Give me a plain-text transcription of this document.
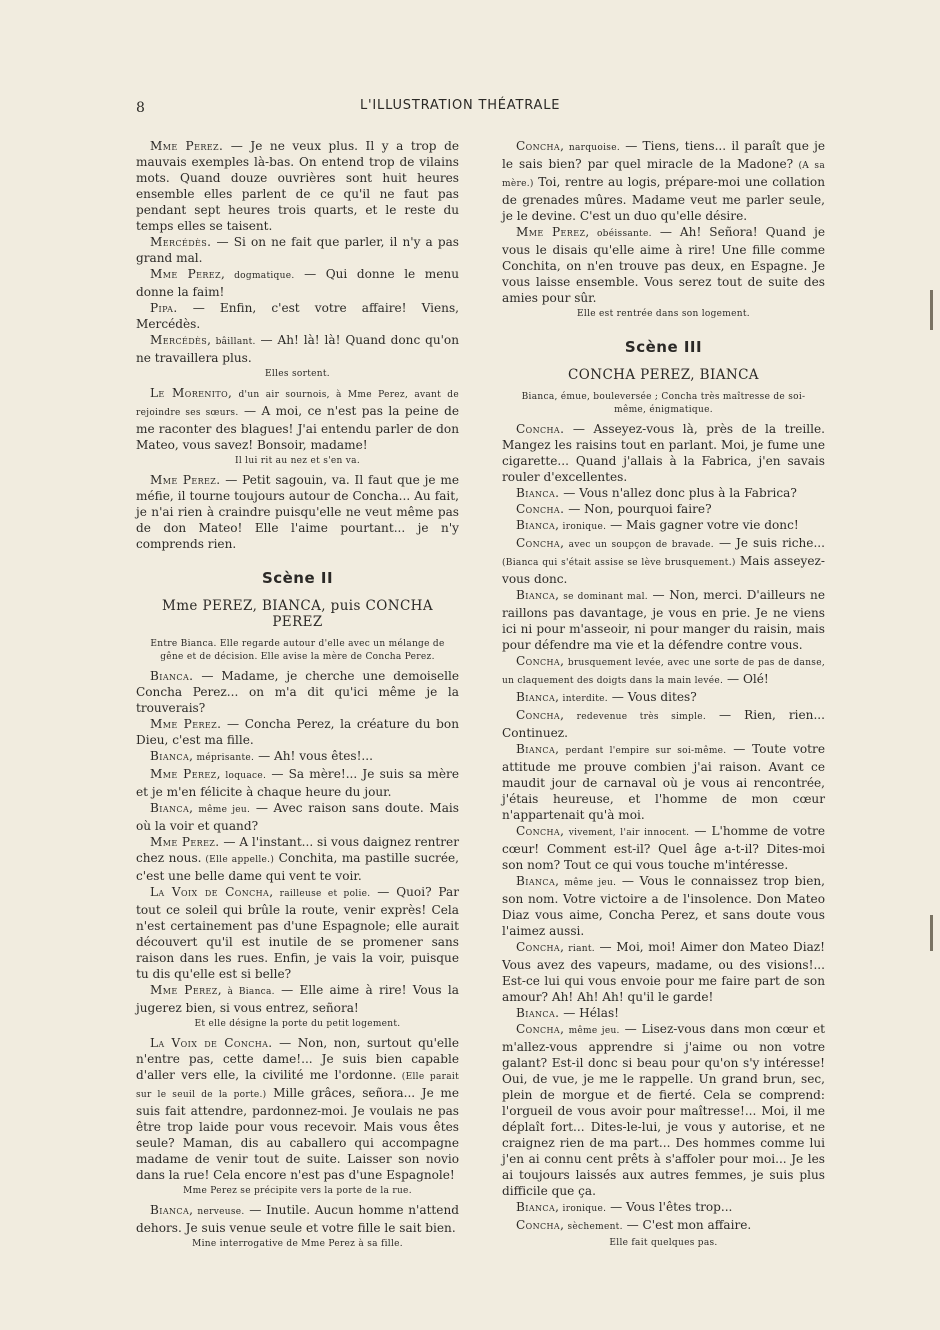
8	L'ILLUSTRATION THÉATRALE

Mme Perez. — Je ne veux plus. Il y a trop de mauvais exemples là-bas. On entend trop de vilains mots. Quand douze ouvrières sont huit heures ensemble elles parlent de ce qu'il ne faut pas pendant sept heures trois quarts, et le reste du temps elles se taisent.

Mercédès. — Si on ne fait que parler, il n'y a pas grand mal.

Mme Perez, dogmatique. — Qui donne le menu donne la faim!

Pipa. — Enfin, c'est votre affaire! Viens, Mercédès.

Mercédès, bâillant. — Ah! là! là! Quand donc qu'on ne travaillera plus.

Elles sortent.

Le Morenito, d'un air sournois, à Mme Perez, avant de rejoindre ses sœurs. — A moi, ce n'est pas la peine de me raconter des blagues! J'ai entendu parler de don Mateo, vous savez! Bonsoir, madame!

Il lui rit au nez et s'en va.

Mme Perez. — Petit sagouin, va. Il faut que je me méfie, il tourne toujours autour de Concha... Au fait, je n'ai rien à craindre puisqu'elle ne veut même pas de don Mateo! Elle l'aime pourtant... je n'y comprends rien.

Scène II
Mme PEREZ, BIANCA, puis CONCHA PEREZ

Entre Bianca. Elle regarde autour d'elle avec un mélange de gêne et de décision. Elle avise la mère de Concha Perez.

Bianca. — Madame, je cherche une demoiselle Concha Perez... on m'a dit qu'ici même je la trouverais?

Mme Perez. — Concha Perez, la créature du bon Dieu, c'est ma fille.

Bianca, méprisante. — Ah! vous êtes!...

Mme Perez, loquace. — Sa mère!... Je suis sa mère et je m'en félicite à chaque heure du jour.

Bianca, même jeu. — Avec raison sans doute. Mais où la voir et quand?

Mme Perez. — A l'instant... si vous daignez rentrer chez nous. (Elle appelle.) Conchita, ma pastille sucrée, c'est une belle dame qui vent te voir.

La Voix de Concha, railleuse et polie. — Quoi? Par tout ce soleil qui brûle la route, venir exprès! Cela n'est certainement pas d'une Espagnole; elle aurait découvert qu'il est inutile de se promener sans raison dans les rues. Enfin, je vais la voir, puisque tu dis qu'elle est si belle?

Mme Perez, à Bianca. — Elle aime à rire! Vous la jugerez bien, si vous entrez, señora!

Et elle désigne la porte du petit logement.

La Voix de Concha. — Non, non, surtout qu'elle n'entre pas, cette dame!... Je suis bien capable d'aller vers elle, la civilité me l'ordonne. (Elle parait sur le seuil de la porte.) Mille grâces, señora... Je me suis fait attendre, pardonnez-moi. Je voulais ne pas être trop laide pour vous recevoir. Mais vous êtes seule? Maman, dis au caballero qui accompagne madame de venir tout de suite. Laisser son novio dans la rue! Cela encore n'est pas d'une Espagnole!

Mme Perez se précipite vers la porte de la rue.

Bianca, nerveuse. — Inutile. Aucun homme n'attend dehors. Je suis venue seule et votre fille le sait bien.

Mine interrogative de Mme Perez à sa fille.

Concha, narquoise. — Tiens, tiens... il paraît que je le sais bien? par quel miracle de la Madone? (A sa mère.) Toi, rentre au logis, prépare-moi une collation de grenades mûres. Madame veut me parler seule, je le devine. C'est un duo qu'elle désire.

Mme Perez, obéissante. — Ah! Señora! Quand je vous le disais qu'elle aime à rire! Une fille comme Conchita, on n'en trouve pas deux, en Espagne. Je vous laisse ensemble. Vous serez tout de suite des amies pour sûr.

Elle est rentrée dans son logement.

Scène III
CONCHA PEREZ, BIANCA

Bianca, émue, bouleversée ; Concha très maîtresse de soi-même, énigmatique.

Concha. — Asseyez-vous là, près de la treille. Mangez les raisins tout en parlant. Moi, je fume une cigarette... Quand j'allais à la Fabrica, j'en savais rouler d'excellentes.

Bianca. — Vous n'allez donc plus à la Fabrica?

Concha. — Non, pourquoi faire?

Bianca, ironique. — Mais gagner votre vie donc!

Concha, avec un soupçon de bravade. — Je suis riche... (Bianca qui s'était assise se lève brusquement.) Mais asseyez-vous donc.

Bianca, se dominant mal. — Non, merci. D'ailleurs ne raillons pas davantage, je vous en prie. Je ne viens ici ni pour m'asseoir, ni pour manger du raisin, mais pour défendre ma vie et la défendre contre vous.

Concha, brusquement levée, avec une sorte de pas de danse, un claquement des doigts dans la main levée. — Olé!

Bianca, interdite. — Vous dites?

Concha, redevenue très simple. — Rien, rien... Continuez.

Bianca, perdant l'empire sur soi-même. — Toute votre attitude me prouve combien j'ai raison. Avant ce maudit jour de carnaval où je vous ai rencontrée, j'étais heureuse, et l'homme de mon cœur n'appartenait qu'à moi.

Concha, vivement, l'air innocent. — L'homme de votre cœur! Comment est-il? Quel âge a-t-il? Dites-moi son nom? Tout ce qui vous touche m'intéresse.

Bianca, même jeu. — Vous le connaissez trop bien, son nom. Votre victoire a de l'insolence. Don Mateo Diaz vous aime, Concha Perez, et sans doute vous l'aimez aussi.

Concha, riant. — Moi, moi! Aimer don Mateo Diaz! Vous avez des vapeurs, madame, ou des visions!... Est-ce lui qui vous envoie pour me faire part de son amour? Ah! Ah! Ah! qu'il le garde!

Bianca. — Hélas!

Concha, même jeu. — Lisez-vous dans mon cœur et m'allez-vous apprendre si j'aime ou non votre galant? Est-il donc si beau pour qu'on s'y intéresse! Oui, de vue, je me le rappelle. Un grand brun, sec, plein de morgue et de fierté. Cela se comprend: l'orgueil de vous avoir pour maîtresse!... Moi, il me déplaît fort... Dites-le-lui, je vous y autorise, et ne craignez rien de ma part... Des hommes comme lui j'en ai connu cent prêts à s'affoler pour moi... Je les ai toujours laissés aux autres femmes, je suis plus difficile que ça.

Bianca, ironique. — Vous l'êtes trop...

Concha, sèchement. — C'est mon affaire.

Elle fait quelques pas.
